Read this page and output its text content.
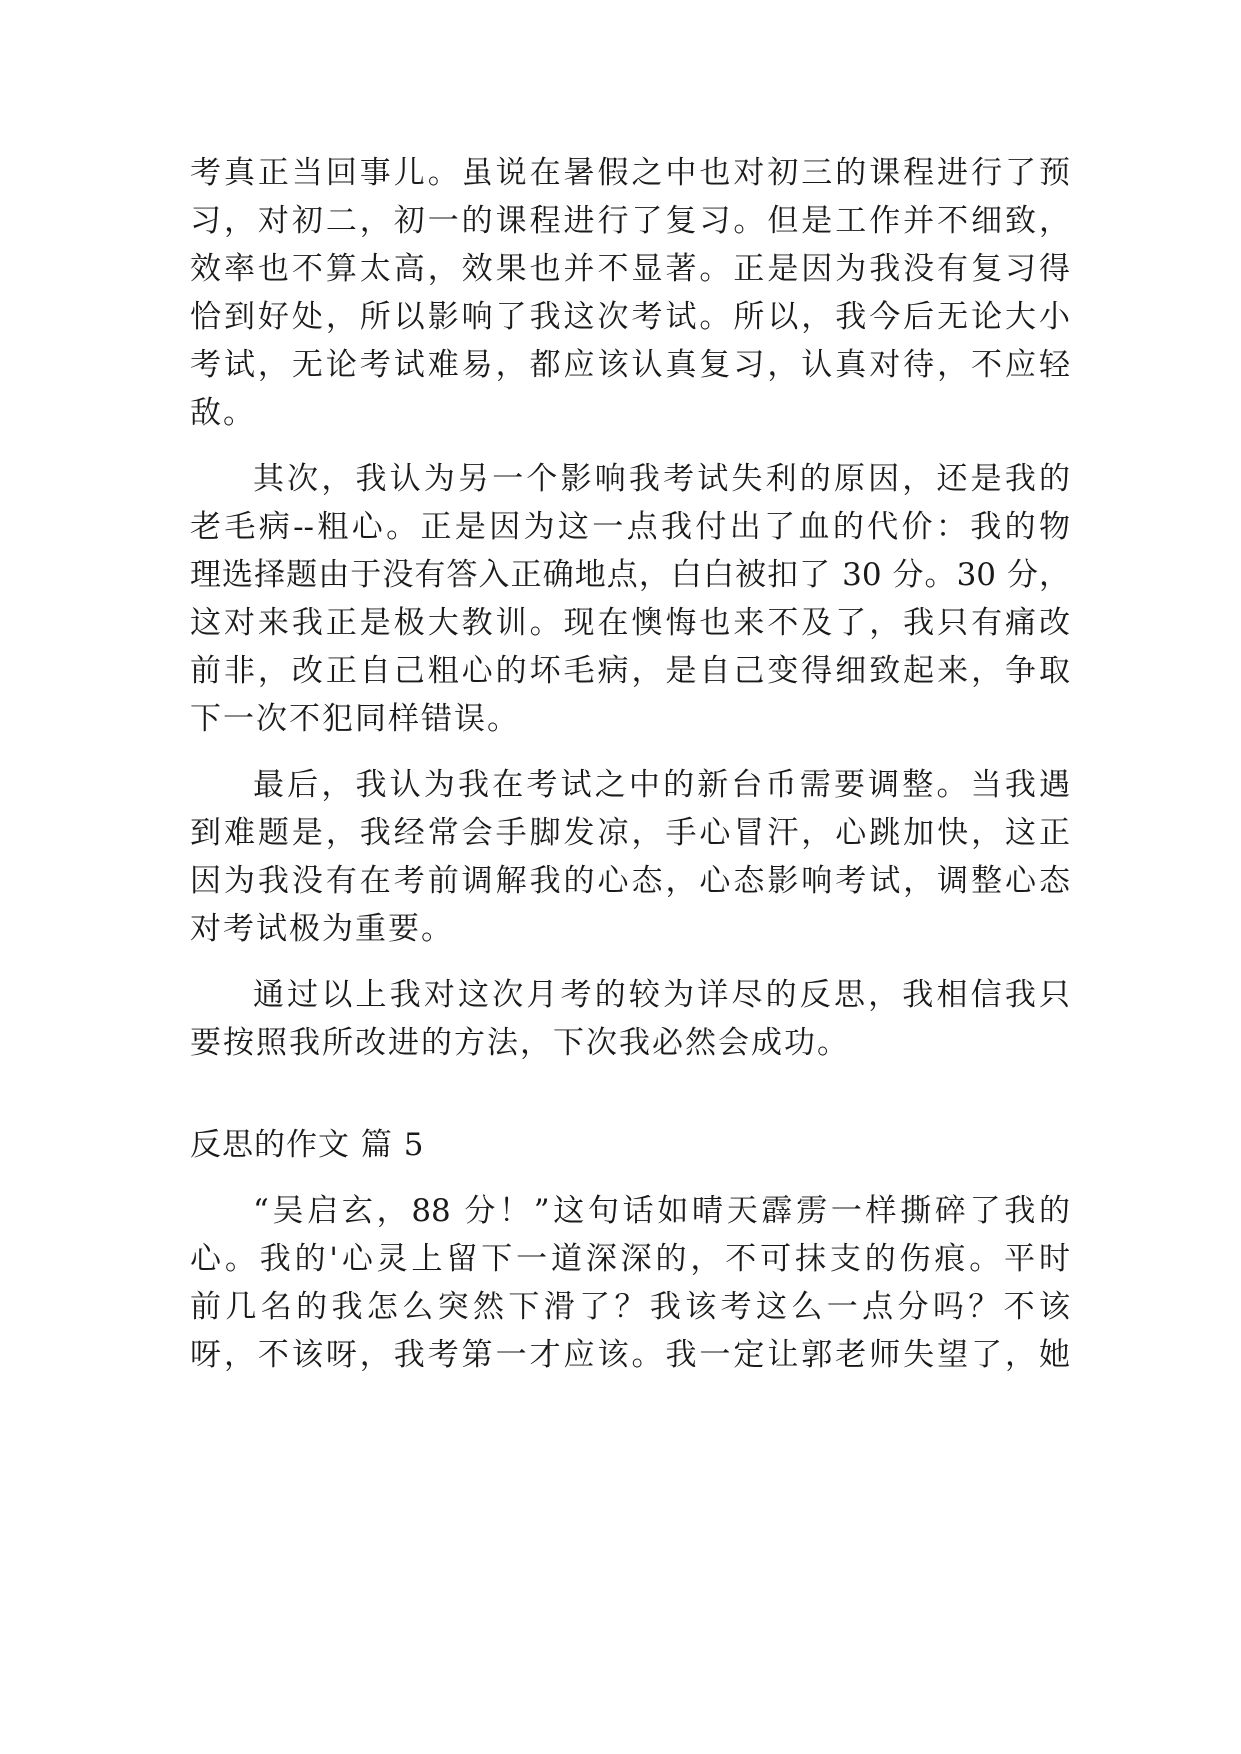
考真正当回事儿。虽说在暑假之中也对初三的课程进行了预
习，对初二，初一的课程进行了复习。但是工作并不细致，
效率也不算太高，效果也并不显著。正是因为我没有复习得
恰到好处，所以影响了我这次考试。所以，我今后无论大小
考试，无论考试难易，都应该认真复习，认真对待，不应轻
敌。
其次，我认为另一个影响我考试失利的原因，还是我的
老毛病--粗心。正是因为这一点我付出了血的代价：我的物
理选择题由于没有答入正确地点，白白被扣了 30 分。30 分，
这对来我正是极大教训。现在懊悔也来不及了，我只有痛改
前非，改正自己粗心的坏毛病，是自己变得细致起来，争取
下一次不犯同样错误。
最后，我认为我在考试之中的新台币需要调整。当我遇
到难题是，我经常会手脚发凉，手心冒汗，心跳加快，这正
因为我没有在考前调解我的心态，心态影响考试，调整心态
对考试极为重要。
通过以上我对这次月考的较为详尽的反思，我相信我只
要按照我所改进的方法，下次我必然会成功。
反思的作文 篇 5
“吴启玄，88 分！”这句话如晴天霹雳一样撕碎了我的
心。我的'心灵上留下一道深深的，不可抹支的伤痕。平时
前几名的我怎么突然下滑了？我该考这么一点分吗？不该
呀，不该呀，我考第一才应该。我一定让郭老师失望了，她
